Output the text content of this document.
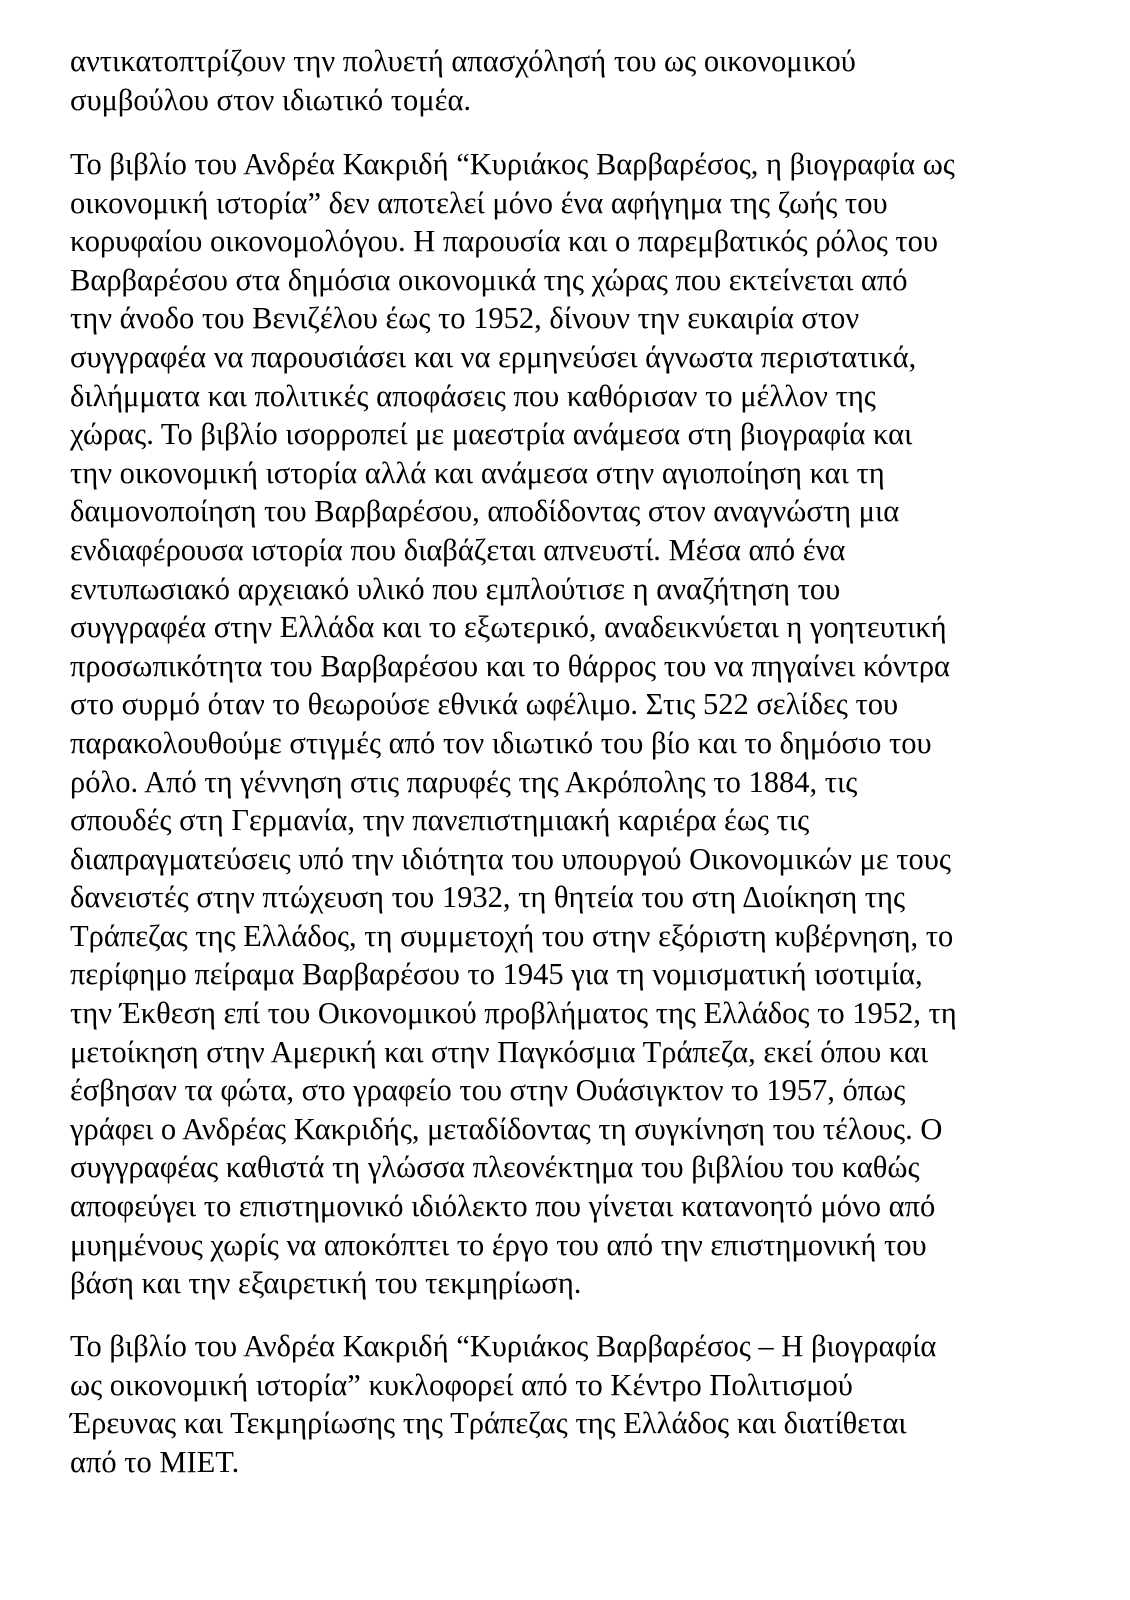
αντικατοπτρίζουν την πολυετή απασχόλησή του ως οικονομικού
συμβούλου στον ιδιωτικό τομέα.
Το βιβλίο του Ανδρέα Κακριδή “Κυριάκος Βαρβαρέσος, η βιογραφία ως
οικονομική ιστορία” δεν αποτελεί μόνο ένα αφήγημα της ζωής του
κορυφαίου οικονομολόγου. Η παρουσία και ο παρεμβατικός ρόλος του
Βαρβαρέσου στα δημόσια οικονομικά της χώρας που εκτείνεται από
την άνοδο του Βενιζέλου έως το 1952, δίνουν την ευκαιρία στον
συγγραφέα να παρουσιάσει και να ερμηνεύσει άγνωστα περιστατικά,
διλήμματα και πολιτικές αποφάσεις που καθόρισαν το μέλλον της
χώρας. Το βιβλίο ισορροπεί με μαεστρία ανάμεσα στη βιογραφία και
την οικονομική ιστορία αλλά και ανάμεσα στην αγιοποίηση και τη
δαιμονοποίηση του Βαρβαρέσου, αποδίδοντας στον αναγνώστη μια
ενδιαφέρουσα ιστορία που διαβάζεται απνευστί. Μέσα από ένα
εντυπωσιακό αρχειακό υλικό που εμπλούτισε η αναζήτηση του
συγγραφέα στην Ελλάδα και το εξωτερικό, αναδεικνύεται η γοητευτική
προσωπικότητα του Βαρβαρέσου και το θάρρος του να πηγαίνει κόντρα
στο συρμό όταν το θεωρούσε εθνικά ωφέλιμο. Στις 522 σελίδες του
παρακολουθούμε στιγμές από τον ιδιωτικό του βίο και το δημόσιο του
ρόλο. Από τη γέννηση στις παρυφές της Ακρόπολης το 1884, τις
σπουδές στη Γερμανία, την πανεπιστημιακή καριέρα έως τις
διαπραγματεύσεις υπό την ιδιότητα του υπουργού Οικονομικών με τους
δανειστές στην πτώχευση του 1932, τη θητεία του στη Διοίκηση της
Τράπεζας της Ελλάδος, τη συμμετοχή του στην εξόριστη κυβέρνηση, το
περίφημο πείραμα Βαρβαρέσου το 1945 για τη νομισματική ισοτιμία,
την Έκθεση επί του Οικονομικού προβλήματος της Ελλάδος το 1952, τη
μετοίκηση στην Αμερική και στην Παγκόσμια Τράπεζα, εκεί όπου και
έσβησαν τα φώτα, στο γραφείο του στην Ουάσιγκτον το 1957, όπως
γράφει ο Ανδρέας Κακριδής, μεταδίδοντας τη συγκίνηση του τέλους. Ο
συγγραφέας καθιστά τη γλώσσα πλεονέκτημα του βιβλίου του καθώς
αποφεύγει το επιστημονικό ιδιόλεκτο που γίνεται κατανοητό μόνο από
μυημένους χωρίς να αποκόπτει το έργο του από την επιστημονική του
βάση και την εξαιρετική του τεκμηρίωση.
Το βιβλίο του Ανδρέα Κακριδή “Κυριάκος Βαρβαρέσος – Η βιογραφία
ως οικονομική ιστορία” κυκλοφορεί από το Κέντρο Πολιτισμού
Έρευνας και Τεκμηρίωσης της Τράπεζας της Ελλάδος και διατίθεται
από το ΜΙΕΤ.
